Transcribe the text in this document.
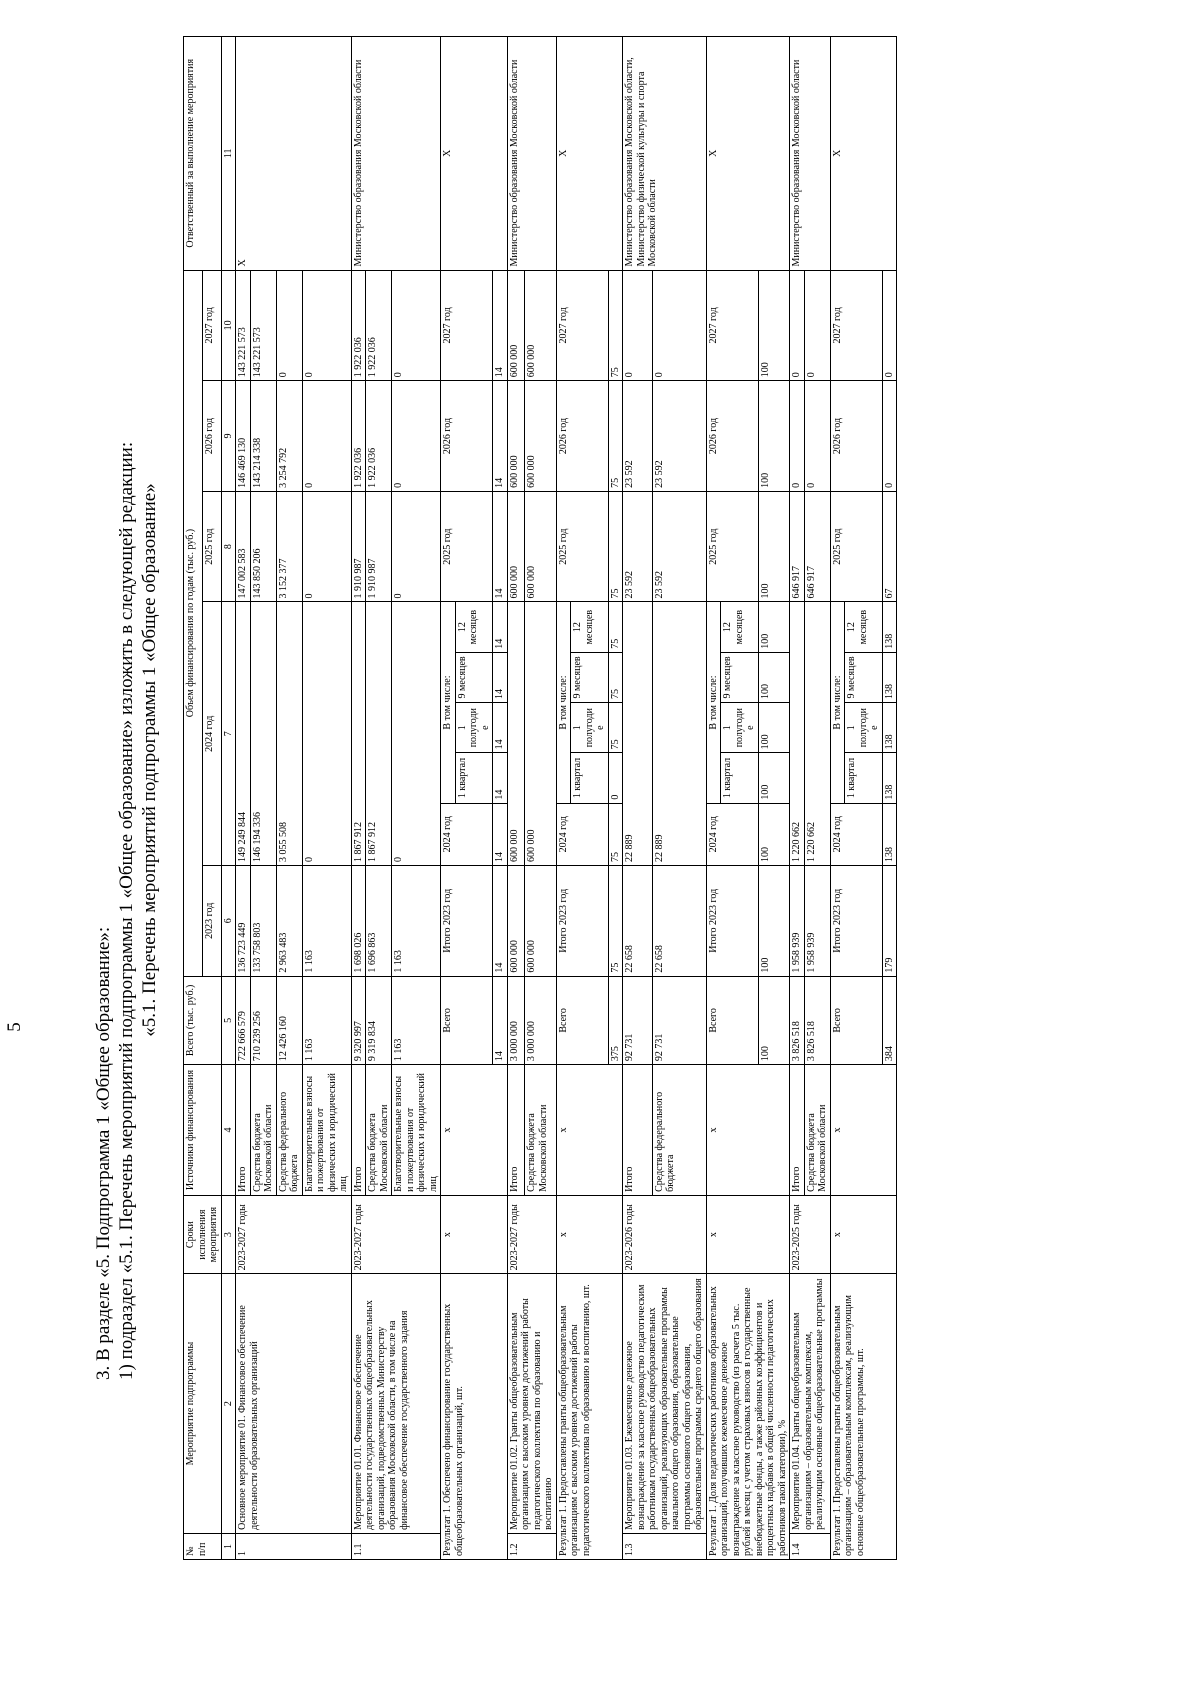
5	3. В разделе «5. Подпрограмма 1 «Общее образование»: 1) подраздел «5.1. Перечень мероприятий подпрограммы 1 «Общее образование» изложить в следующей редакции: «5.1. Перечень мероприятий подпрограммы 1 «Общее образование»
№ п/п	Мероприятие подпрограммы	Сроки исполнения мероприятия	Источники финансирования	Всего (тыс. руб.)	Объем финансирования по годам (тыс. руб.)									Ответственный за выполнение мероприятия
					2023 год	2024 год					2025 год	2026 год	2027 год	
1	2	3	4	5	6	7					8	9	10	11
1	Основное мероприятие 01. Финансовое обеспечение деятельности образовательных организаций	2023-2027 годы	Итого	722 666 579	136 723 449	149 249 844					147 002 583	146 469 130	143 221 573	Х
			Средства бюджета Московской области	710 239 256	133 758 803	146 194 336					143 850 206	143 214 338	143 221 573	
			Средства федерального бюджета	12 426 160	2 963 483	3 055 508					3 152 377	3 254 792	0	
			Благотворительные взносы и пожертвования от физических и юридический лиц	1 163	1 163	0					0	0	0	
1.1	Мероприятие 01.01. Финансовое обеспечение деятельности государственных общеобразовательных организаций, подведомственных Министерству образования Московской области, в том числе на финансовое обеспечение государственного задания	2023-2027 годы	Итого	9 320 997	1 698 026	1 867 912					1 910 987	1 922 036	1 922 036	Министерство образования Московской области
			Средства бюджета Московской области	9 319 834	1 696 863	1 867 912					1 910 987	1 922 036	1 922 036	
			Благотворительные взносы и пожертвования от физических и юридический лиц	1 163	1 163	0					0	0	0	
Результат 1. Обеспечено финансирование государственных общеобразовательных организаций, шт.		х	х	Всего	Итого 2023 год	2024 год	В том числе:				2025 год	2026 год	2027 год	Х
							1 квартал	1 полугодие	9 месяцев	12 месяцев				
				14	14	14	14	14	14	14	14	14	14	

1.2	Мероприятие 01.02. Гранты общеобразовательным организациям с высоким уровнем достижений работы педагогического коллектива по образованию и воспитанию	2023-2027 годы	Итого	3 000 000	600 000	600 000					600 000	600 000	600 000	Министерство образования Московской области
			Средства бюджета Московской области	3 000 000	600 000	600 000					600 000	600 000	600 000	
Результат 1. Предоставлены гранты общеобразовательным организациям с высоким уровнем достижений работы педагогического коллектива по образованию и воспитанию, шт.		х	х	Всего	Итого 2023 год	2024 год	В том числе:				2025 год	2026 год	2027 год	Х
							1 квартал	1 полугодие	9 месяцев	12 месяцев				
				375	75	75	0	75	75	75	75	75	75	

1.3	Мероприятие 01.03. Ежемесячное денежное вознаграждение за классное руководство педагогическим работникам государственных общеобразовательных организаций, реализующих образовательные программы начального общего образования, образовательные программы основного общего образования, образовательные программы среднего общего образования	2023-2026 годы	Итого	92 731	22 658	22 889					23 592	23 592	0	Министерство образования Московской области, Министерство физической культуры и спорта Московской области
			Средства федерального бюджета	92 731	22 658	22 889					23 592	23 592	0	
Результат 1. Доля педагогических работников образовательных организаций, получивших ежемесячное денежное вознаграждение за классное руководство (из расчета 5 тыс. рублей в месяц с учетом страховых взносов в государственные внебюджетные фонды, а также районных коэффициентов и процентных надбавок в общей численности педагогических работников такой категории), %		х	х	Всего	Итого 2023 год	2024 год	В том числе:				2025 год	2026 год	2027 год	Х
							1 квартал	1 полугодие	9 месяцев	12 месяцев				
				100	100	100	100	100	100	100	100	100	100	

1.4	Мероприятие 01.04. Гранты общеобразовательным организациям – образовательным комплексам, реализующим основные общеобразовательные программы	2023-2025 годы	Итого	3 826 518	1 958 939	1 220 662					646 917	0	0	Министерство образования Московской области
			Средства бюджета Московской области	3 826 518	1 958 939	1 220 662					646 917	0	0	
Результат 1. Предоставлены гранты общеобразовательным организациям – образовательным комплексам, реализующим основные общеобразовательные программы, шт.		х	х	Всего	Итого 2023 год	2024 год	В том числе:				2025 год	2026 год	2027 год	Х
							1 квартал	1 полугодие	9 месяцев	12 месяцев				
				384	179	138	138	138	138	138	67	0	0	
